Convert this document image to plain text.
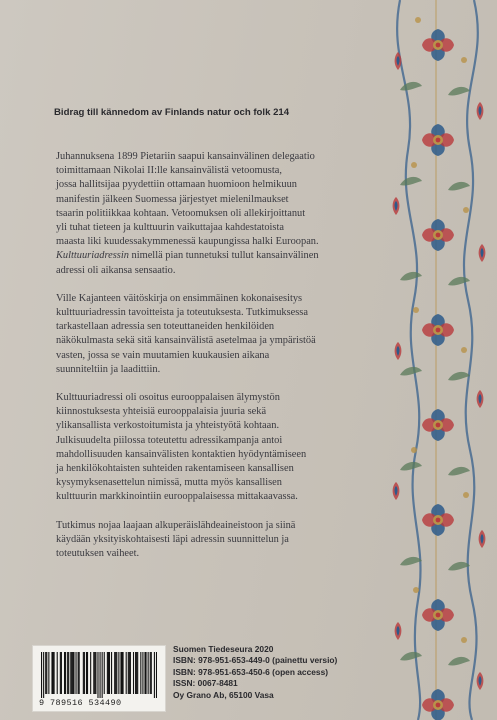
Bidrag till kännedom av Finlands natur och folk 214

Juhannuksena 1899 Pietariin saapui kansainvälinen delegaatio
toimittamaan Nikolai II:lle kansainvälistä vetoomusta,
jossa hallitsijaa pyydettiin ottamaan huomioon helmikuun
manifestin jälkeen Suomessa järjestyet mielenilmaukset
tsaarin politiikkaa kohtaan. Vetoomuksen oli allekirjoittanut
yli tuhat tieteen ja kulttuurin vaikuttajaa kahdestatoista
maasta liki kuudessakymmenessä kaupungissa halki Euroopan.
Kulttuuriadressin nimellä pian tunnetuksi tullut kansainvälinen
adressi oli aikansa sensaatio.

Ville Kajanteen väitöskirja on ensimmäinen kokonaisesitys
kulttuuriadressin tavoitteista ja toteutuksesta. Tutkimuksessa
tarkastellaan adressia sen toteuttaneiden henkilöiden
näkökulmasta sekä sitä kansainvälistä asetelmaa ja ympäristöä
vasten, jossa se vain muutamien kuukausien aikana
suunniteltiin ja laadittiin.

Kulttuuriadressi oli osoitus eurooppalaisen älymystön
kiinnostuksesta yhteisiä eurooppalaisia juuria sekä
ylikansallista verkostoitumista ja yhteistyötä kohtaan.
Julkisuudelta piilossa toteutettu adressikampanja antoi
mahdollisuuden kansainvälisten kontaktien hyödyntämiseen
ja henkilökohtaisten suhteiden rakentamiseen kansallisen
kysymyksenasettelun nimissä, mutta myös kansallisen
kulttuurin markkinointiin eurooppalaisessa mittakaavassa.

Tutkimus nojaa laajaan alkuperäislähdeaineistoon ja siinä
käydään yksityiskohtaisesti läpi adressin suunnittelun ja
toteutuksen vaiheet.

9 789516 534490
Suomen Tiedeseura 2020
ISBN: 978-951-653-449-0 (painettu versio)
ISBN: 978-951-653-450-6 (open access)
ISSN: 0067-8481
Oy Grano Ab, 65100 Vasa
